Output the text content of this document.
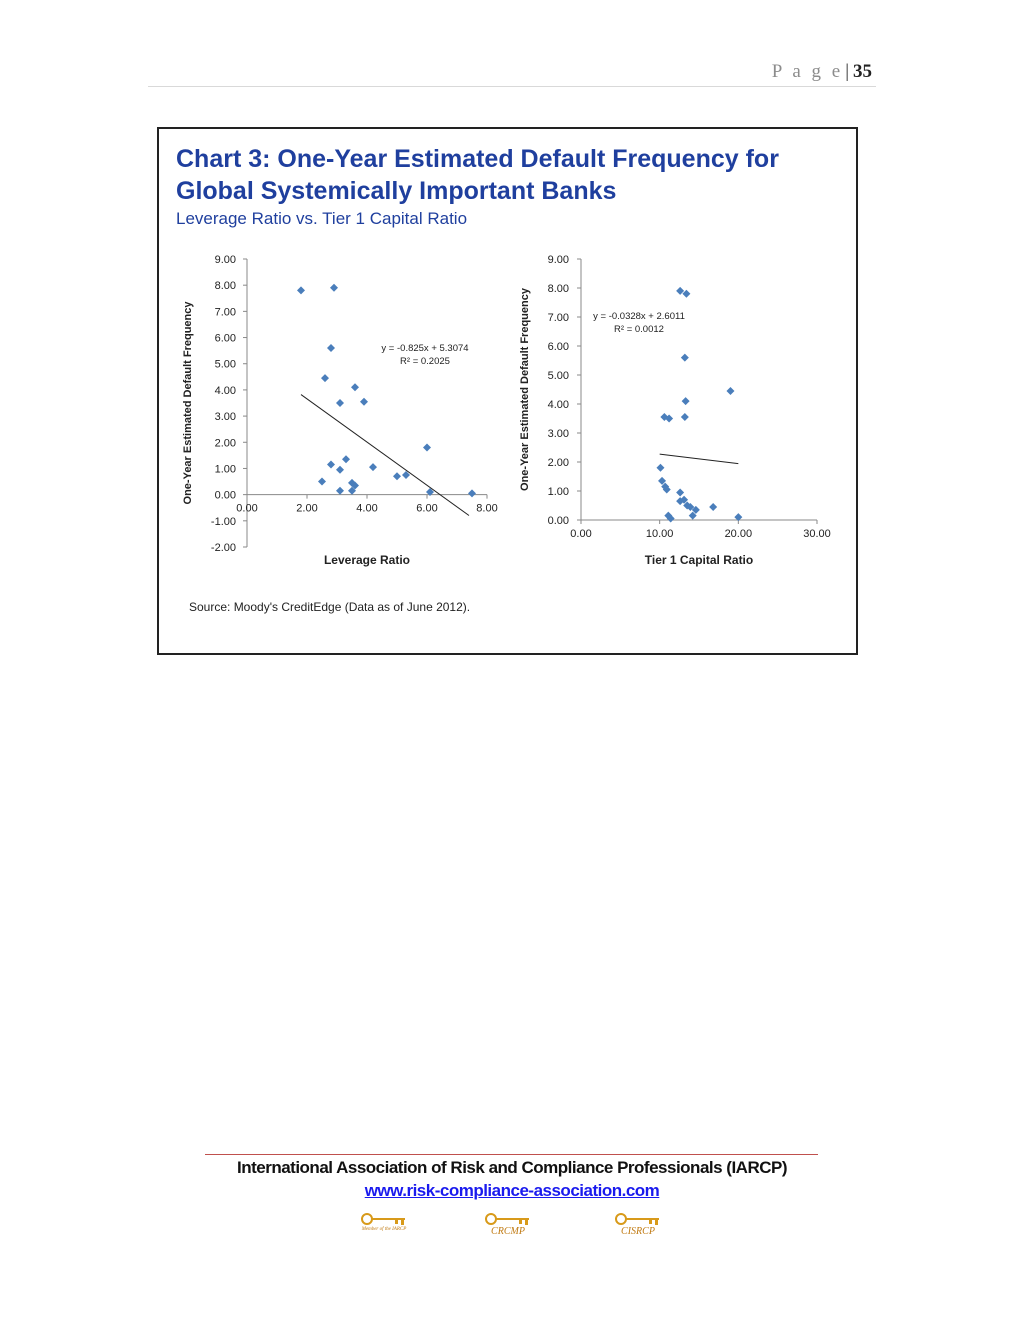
P a g e | 35
Chart 3: One-Year Estimated Default Frequency for Global Systemically Important Banks
Leverage Ratio vs. Tier 1 Capital Ratio
9.00
8.00
7.00
6.00
5.00
4.00
3.00
2.00
1.00
0.00
-1.00
-2.00
0.00	2.00	4.00	6.00	8.00
Leverage Ratio
One-Year Estimated Default Frequency	y = -0.825x + 5.3074
R² = 0.2025
9.00
8.00
7.00
6.00
5.00
4.00
3.00
2.00
1.00
0.00
0.00	10.00	20.00	30.00
Tier 1 Capital Ratio
One-Year Estimated Default Frequency	y = -0.0328x + 2.6011
R² = 0.0012
Source: Moody's CreditEdge (Data as of June 2012).
International Association of Risk and Compliance Professionals (IARCP)
www.risk-compliance-association.com
Member of the IARCP	CRCMP	CISRCP
